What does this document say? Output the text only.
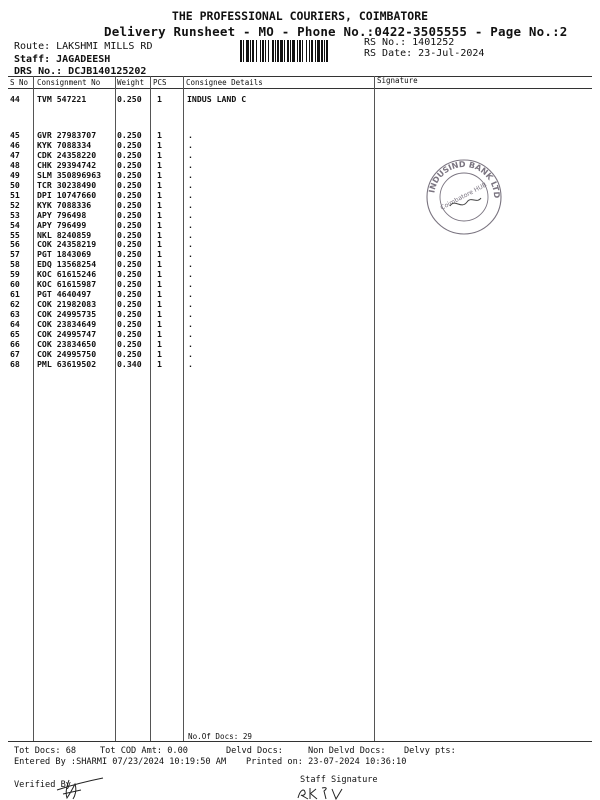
THE PROFESSIONAL COURIERS, COIMBATORE
Delivery Runsheet - MO - Phone No.:0422-3505555 - Page No.:2
Route: LAKSHMI MILLS RD
Staff: JAGADEESH
DRS No.: DCJB140125202
RS No.: 1401252
RS Date: 23-Jul-2024
S No Consignment No Weight PCS	Consignee Details	Signature
44 TVM 547221	0.250 1	INDUS LAND C
45 GVR 27983707	0.250 1	.
46 KYK 7088334	0.250 1	.
47 CDK 24358220	0.250 1	.
48 CHK 29394742	0.250 1	.
49 SLM 350896963 0.250 1	.
50 TCR 30238490	0.250 1	.
51 DPI 10747660	0.250 1	.
52 KYK 7088336	0.250 1	.
53 APY 796498	0.250 1	.
54 APY 796499	0.250 1	.
55 NKL 8240859	0.250 1	.
56 COK 24358219	0.250 1	.
57 PGT 1843069	0.250 1	.
58 EDQ 13568254	0.250 1	.
59 KOC 61615246	0.250 1	.
60 KOC 61615987	0.250 1	.
61 PGT 4640497	0.250 1	.
62 COK 21982083	0.250 1	.
63 COK 24995735	0.250 1	.
64 COK 23834649	0.250 1	.
65 COK 24995747	0.250 1	.
66 COK 23834650	0.250 1	.
67 COK 24995750	0.250 1	.
68 PML 63619502	0.340 1	.
No.Of Docs: 29
INDUSIND BANK LTD
Coimbatore HUB
Tot Docs: 68	Tot COD Amt: 0.00	Delvd Docs:	Non Delvd Docs: Delvy pts:
Entered By :SHARMI 07/23/2024 10:19:50 AM Printed on: 23-07-2024 10:36:10
Verified By	Staff Signature
